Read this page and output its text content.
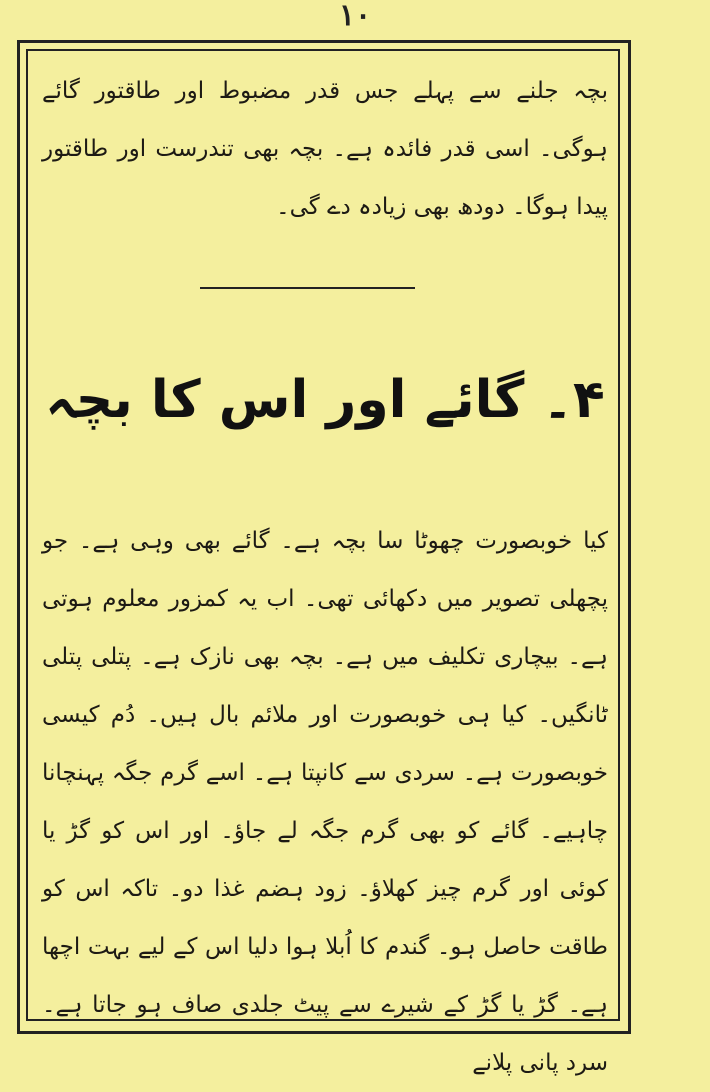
۱۰
بچہ جلنے سے پہلے جس قدر مضبوط اور طاقتور گائے ہوگی۔ اسی قدر فائدہ ہے۔ بچہ بھی تندرست اور طاقتور پیدا ہوگا۔ دودھ بھی زیادہ دے گی۔
۴۔ گائے اور اس کا بچہ
کیا خوبصورت چھوٹا سا بچہ ہے۔ گائے بھی وہی ہے۔ جو پچھلی تصویر میں دکھائی تھی۔ اب یہ کمزور معلوم ہوتی ہے۔ بیچاری تکلیف میں ہے۔ بچہ بھی نازک ہے۔ پتلی پتلی ٹانگیں۔ کیا ہی خوبصورت اور ملائم بال ہیں۔ دُم کیسی خوبصورت ہے۔ سردی سے کانپتا ہے۔ اسے گرم جگہ پہنچانا چاہیے۔ گائے کو بھی گرم جگہ لے جاؤ۔ اور اس کو گڑ یا کوئی اور گرم چیز کھلاؤ۔ زود ہضم غذا دو۔ تاکہ اس کو طاقت حاصل ہو۔ گندم کا اُبلا ہوا دلیا اس کے لیے بہت اچھا ہے۔ گڑ یا گڑ کے شیرے سے پیٹ جلدی صاف ہو جاتا ہے۔ سرد پانی پلانے
